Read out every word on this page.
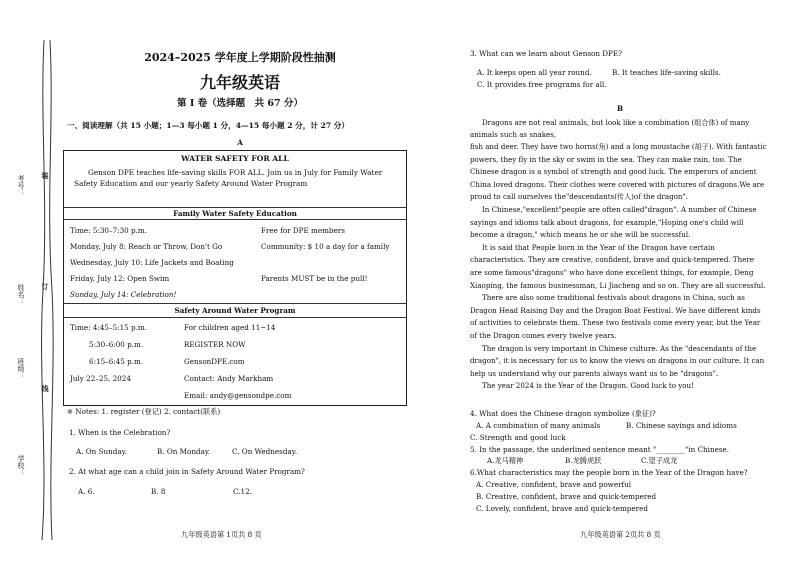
考号：
姓名：
班级：
学校：
装
订
线
2024–2025 学年度上学期阶段性抽测
九年级英语
第 I 卷（选择题　共 67 分）
一、阅读理解（共 15 小题；1—3 每小题 1 分，4—15 每小题 2 分，计 27 分）
A
WATER SAFETY FOR ALL
Genson DPE teaches life-saving skills FOR ALL. Join us in July for Family Water Safety Education and our yearly Safety Around Water Program
Family Water Safety Education
Time: 5:30–7:30 p.m.	Free for DPE members
Monday, July 8: Reach or Throw, Don't Go	Community: $ 10 a day for a family
Wednesday, July 10: Life Jackets and Boating
Friday, July 12: Open Swim	Parents MUST be in the pull!
Sunday, July 14: Celebration!
Safety Around Water Program
Time: 4:45–5:15 p.m.	For children aged 11~14
5:30–6:00 p.m.	REGISTER NOW
6:15–6:45 p.m.	GensonDPE.com
July 22–25, 2024	Contact: Andy Markham
Email: andy@gensondpe.com
※ Notes: 1. register (登记) 2. contact(联系)
1. When is the Celebration?
A. On Sunday.	B. On Monday.	C. On Wednesday.
2. At what age can a child join in Safety Around Water Program?
A. 6.	B. 8	C.12.
九年级英语第 1页共 8 页
3. What can we learn about Genson DPE?
A. It keeps open all year round.	B. It teaches life-saving skills.
C. It provides free programs for all.
B
Dragons are not real animals, but look like a combination (组合体) of many animals such as snakes,
fish and deer. They have two horns(角) and a long moustache (胡子). With fantastic powers, they fly in the sky or swim in the sea. They can make rain, too. The Chinese dragon is a symbol of strength and good luck. The emperors of ancient China loved dragons. Their clothes were covered with pictures of dragons.We are proud to call ourselves the"descendants(传人)of the dragon".
In Chinese,"excellent"people are often called"dragon". A number of Chinese sayings and idioms talk about dragons, for example,"Hoping one's child will become a dragon," which means he or she will be successful.
It is said that People born in the Year of the Dragon have certain characteristics. They are creative, confident, brave and quick-tempered. There are some famous"dragons" who have done excellent things, for example, Deng Xiaoping, the famous businessman, Li Jiacheng and so on. They are all successful.
There are also some traditional festivals about dragons in China, such as Dragon Head Raising Day and the Dragon Boat Festival. We have different kinds of activities to celebrate them. These two festivals come every year, but the Year of the Dragon comes every twelve years.
The dragon is very important in Chinese culture. As the "descendants of the dragon", it is necessary for us to know the views on dragons in our culture. It can help us understand why our parents always want us to be "dragons".
The year 2024 is the Year of the Dragon. Good luck to you!
4. What does the Chinese dragon symbolize (象征)?
A. A combination of many animals	B. Chinese sayings and idioms
C. Strength and good luck
5. In the passage, the underlined sentence meant "________"in Chinese.
A.龙马精神	B.龙腾虎跃	C.望子成龙
6.What characteristics may the people born in the Year of the Dragon have?
A. Creative, confident, brave and powerful
B. Creative, confident, brave and quick-tempered
C. Lovely, confident, brave and quick-tempered
九年级英语第 2页共 8 页
